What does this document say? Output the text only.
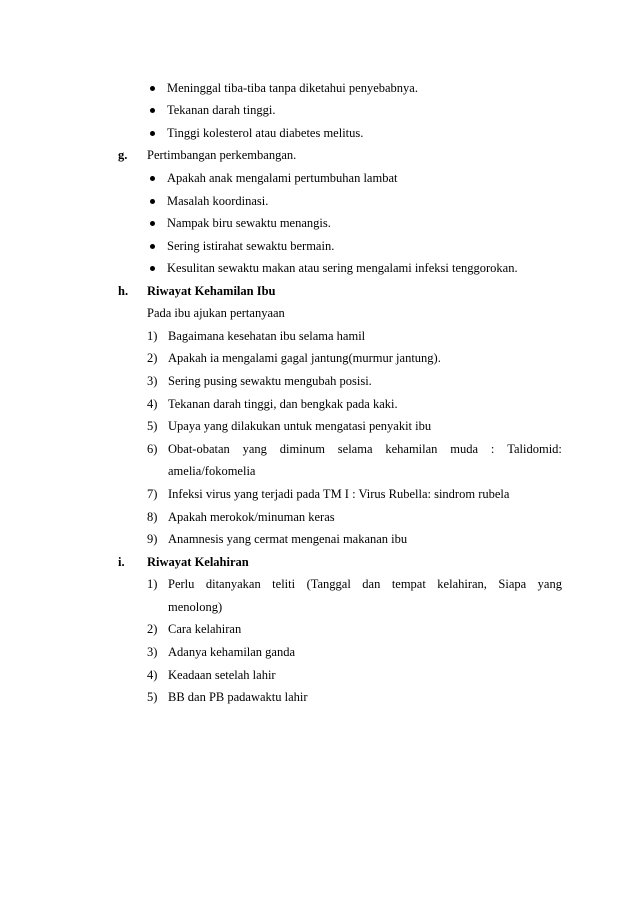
Meninggal tiba-tiba tanpa diketahui penyebabnya.
Tekanan darah tinggi.
Tinggi kolesterol atau diabetes melitus.
g. Pertimbangan perkembangan.
Apakah anak mengalami pertumbuhan lambat
Masalah koordinasi.
Nampak biru sewaktu menangis.
Sering istirahat sewaktu bermain.
Kesulitan sewaktu makan atau sering mengalami infeksi tenggorokan.
h. Riwayat Kehamilan Ibu
Pada ibu ajukan pertanyaan
1) Bagaimana kesehatan ibu selama hamil
2) Apakah ia mengalami gagal jantung(murmur jantung).
3) Sering pusing sewaktu mengubah posisi.
4) Tekanan darah tinggi, dan bengkak pada kaki.
5) Upaya yang dilakukan untuk mengatasi penyakit ibu
6) Obat-obatan yang diminum selama kehamilan muda : Talidomid:
amelia/fokomelia
7) Infeksi virus yang terjadi pada TM I : Virus Rubella: sindrom rubela
8) Apakah merokok/minuman keras
9) Anamnesis yang cermat mengenai makanan ibu
i. Riwayat Kelahiran
1) Perlu ditanyakan teliti (Tanggal dan tempat kelahiran, Siapa yang
menolong)
2) Cara kelahiran
3) Adanya kehamilan ganda
4) Keadaan setelah lahir
5) BB dan PB padawaktu lahir
